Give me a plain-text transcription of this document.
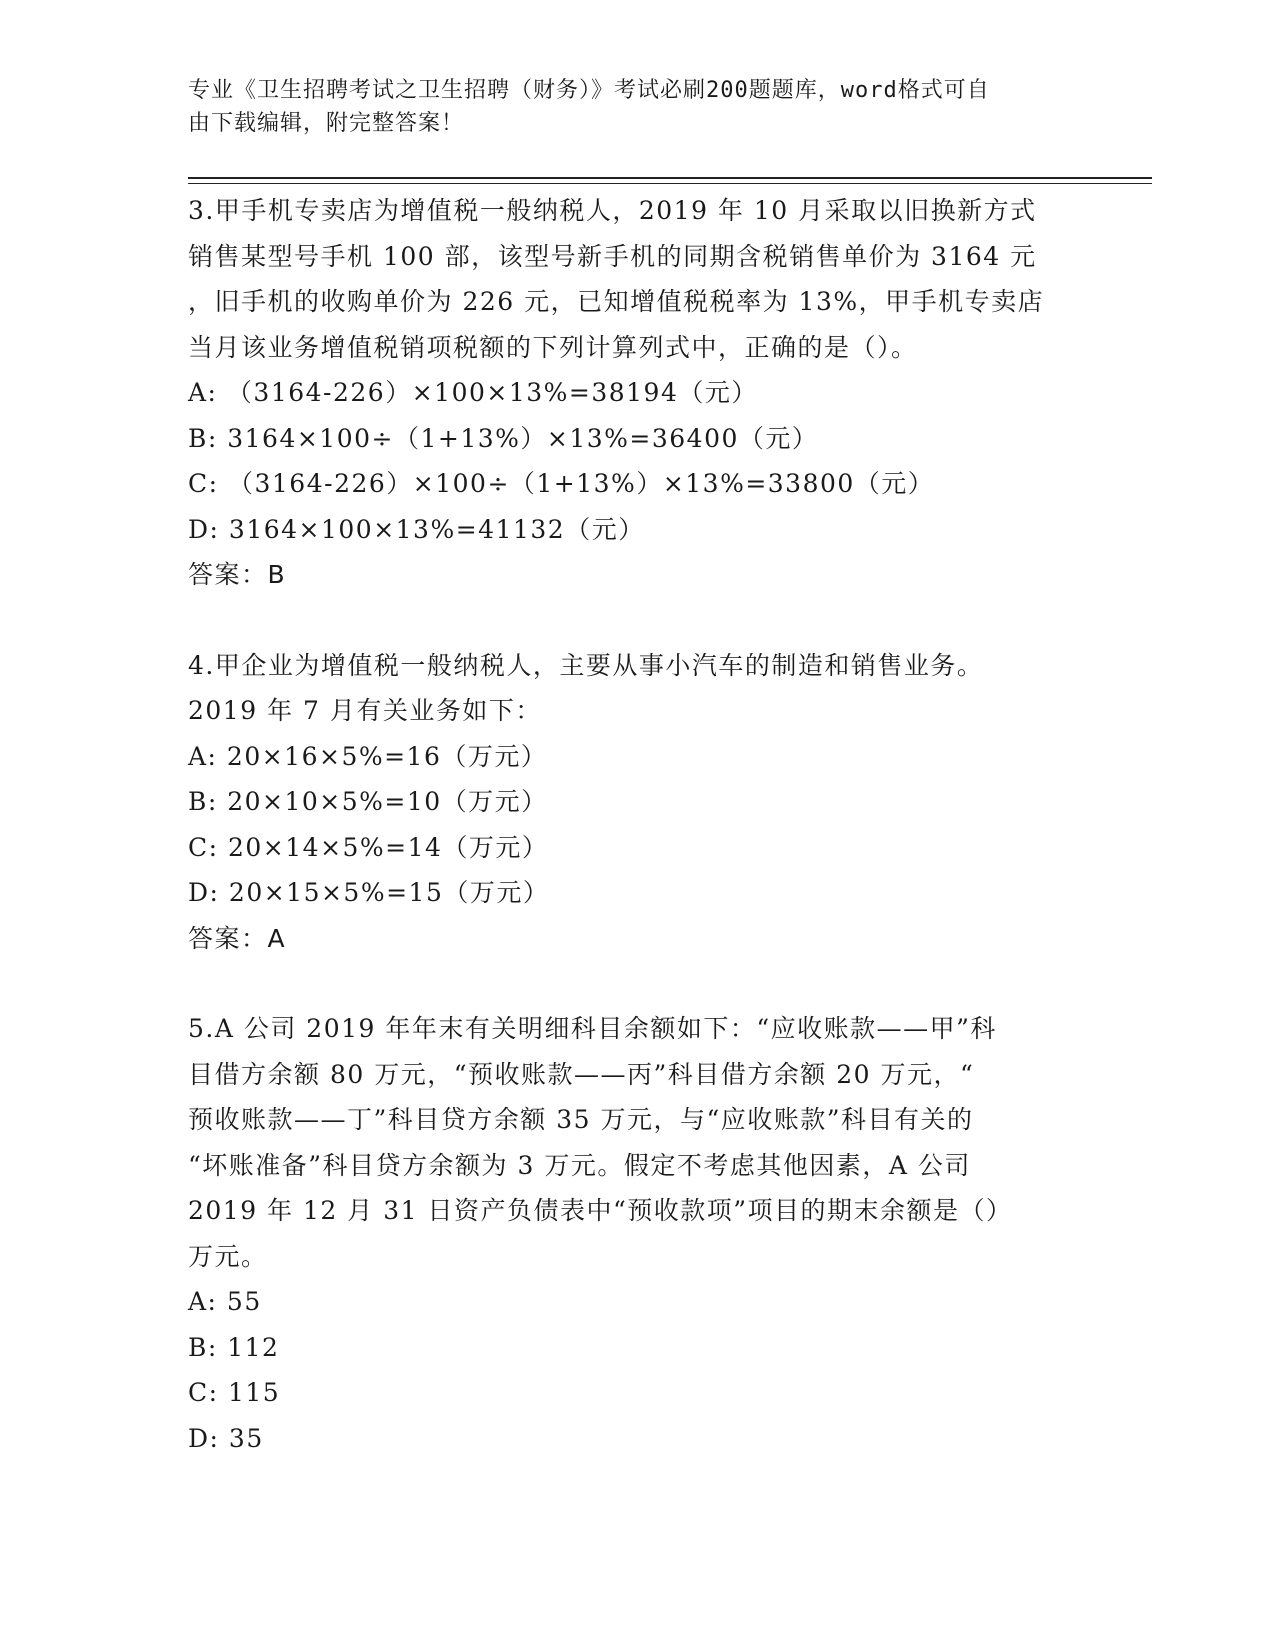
专业《卫生招聘考试之卫生招聘（财务）》考试必刷200题题库，word格式可自
由下载编辑，附完整答案！
3.甲手机专卖店为增值税一般纳税人，2019 年 10 月采取以旧换新方式
销售某型号手机 100 部，该型号新手机的同期含税销售单价为 3164 元
，旧手机的收购单价为 226 元，已知增值税税率为 13%，甲手机专卖店
当月该业务增值税销项税额的下列计算列式中，正确的是（）。
A: （3164-226）×100×13%=38194（元）
B: 3164×100÷（1+13%）×13%=36400（元）
C: （3164-226）×100÷（1+13%）×13%=33800（元）
D: 3164×100×13%=41132（元）
答案：B
4.甲企业为增值税一般纳税人，主要从事小汽车的制造和销售业务。
2019 年 7 月有关业务如下：
A: 20×16×5%=16（万元）
B: 20×10×5%=10（万元）
C: 20×14×5%=14（万元）
D: 20×15×5%=15（万元）
答案：A
5.A 公司 2019 年年末有关明细科目余额如下：“应收账款——甲”科
目借方余额 80 万元，“预收账款——丙”科目借方余额 20 万元，“
预收账款——丁”科目贷方余额 35 万元，与“应收账款”科目有关的
“坏账准备”科目贷方余额为 3 万元。假定不考虑其他因素，A 公司
2019 年 12 月 31 日资产负债表中“预收款项”项目的期末余额是（）
万元。
A: 55
B: 112
C: 115
D: 35
